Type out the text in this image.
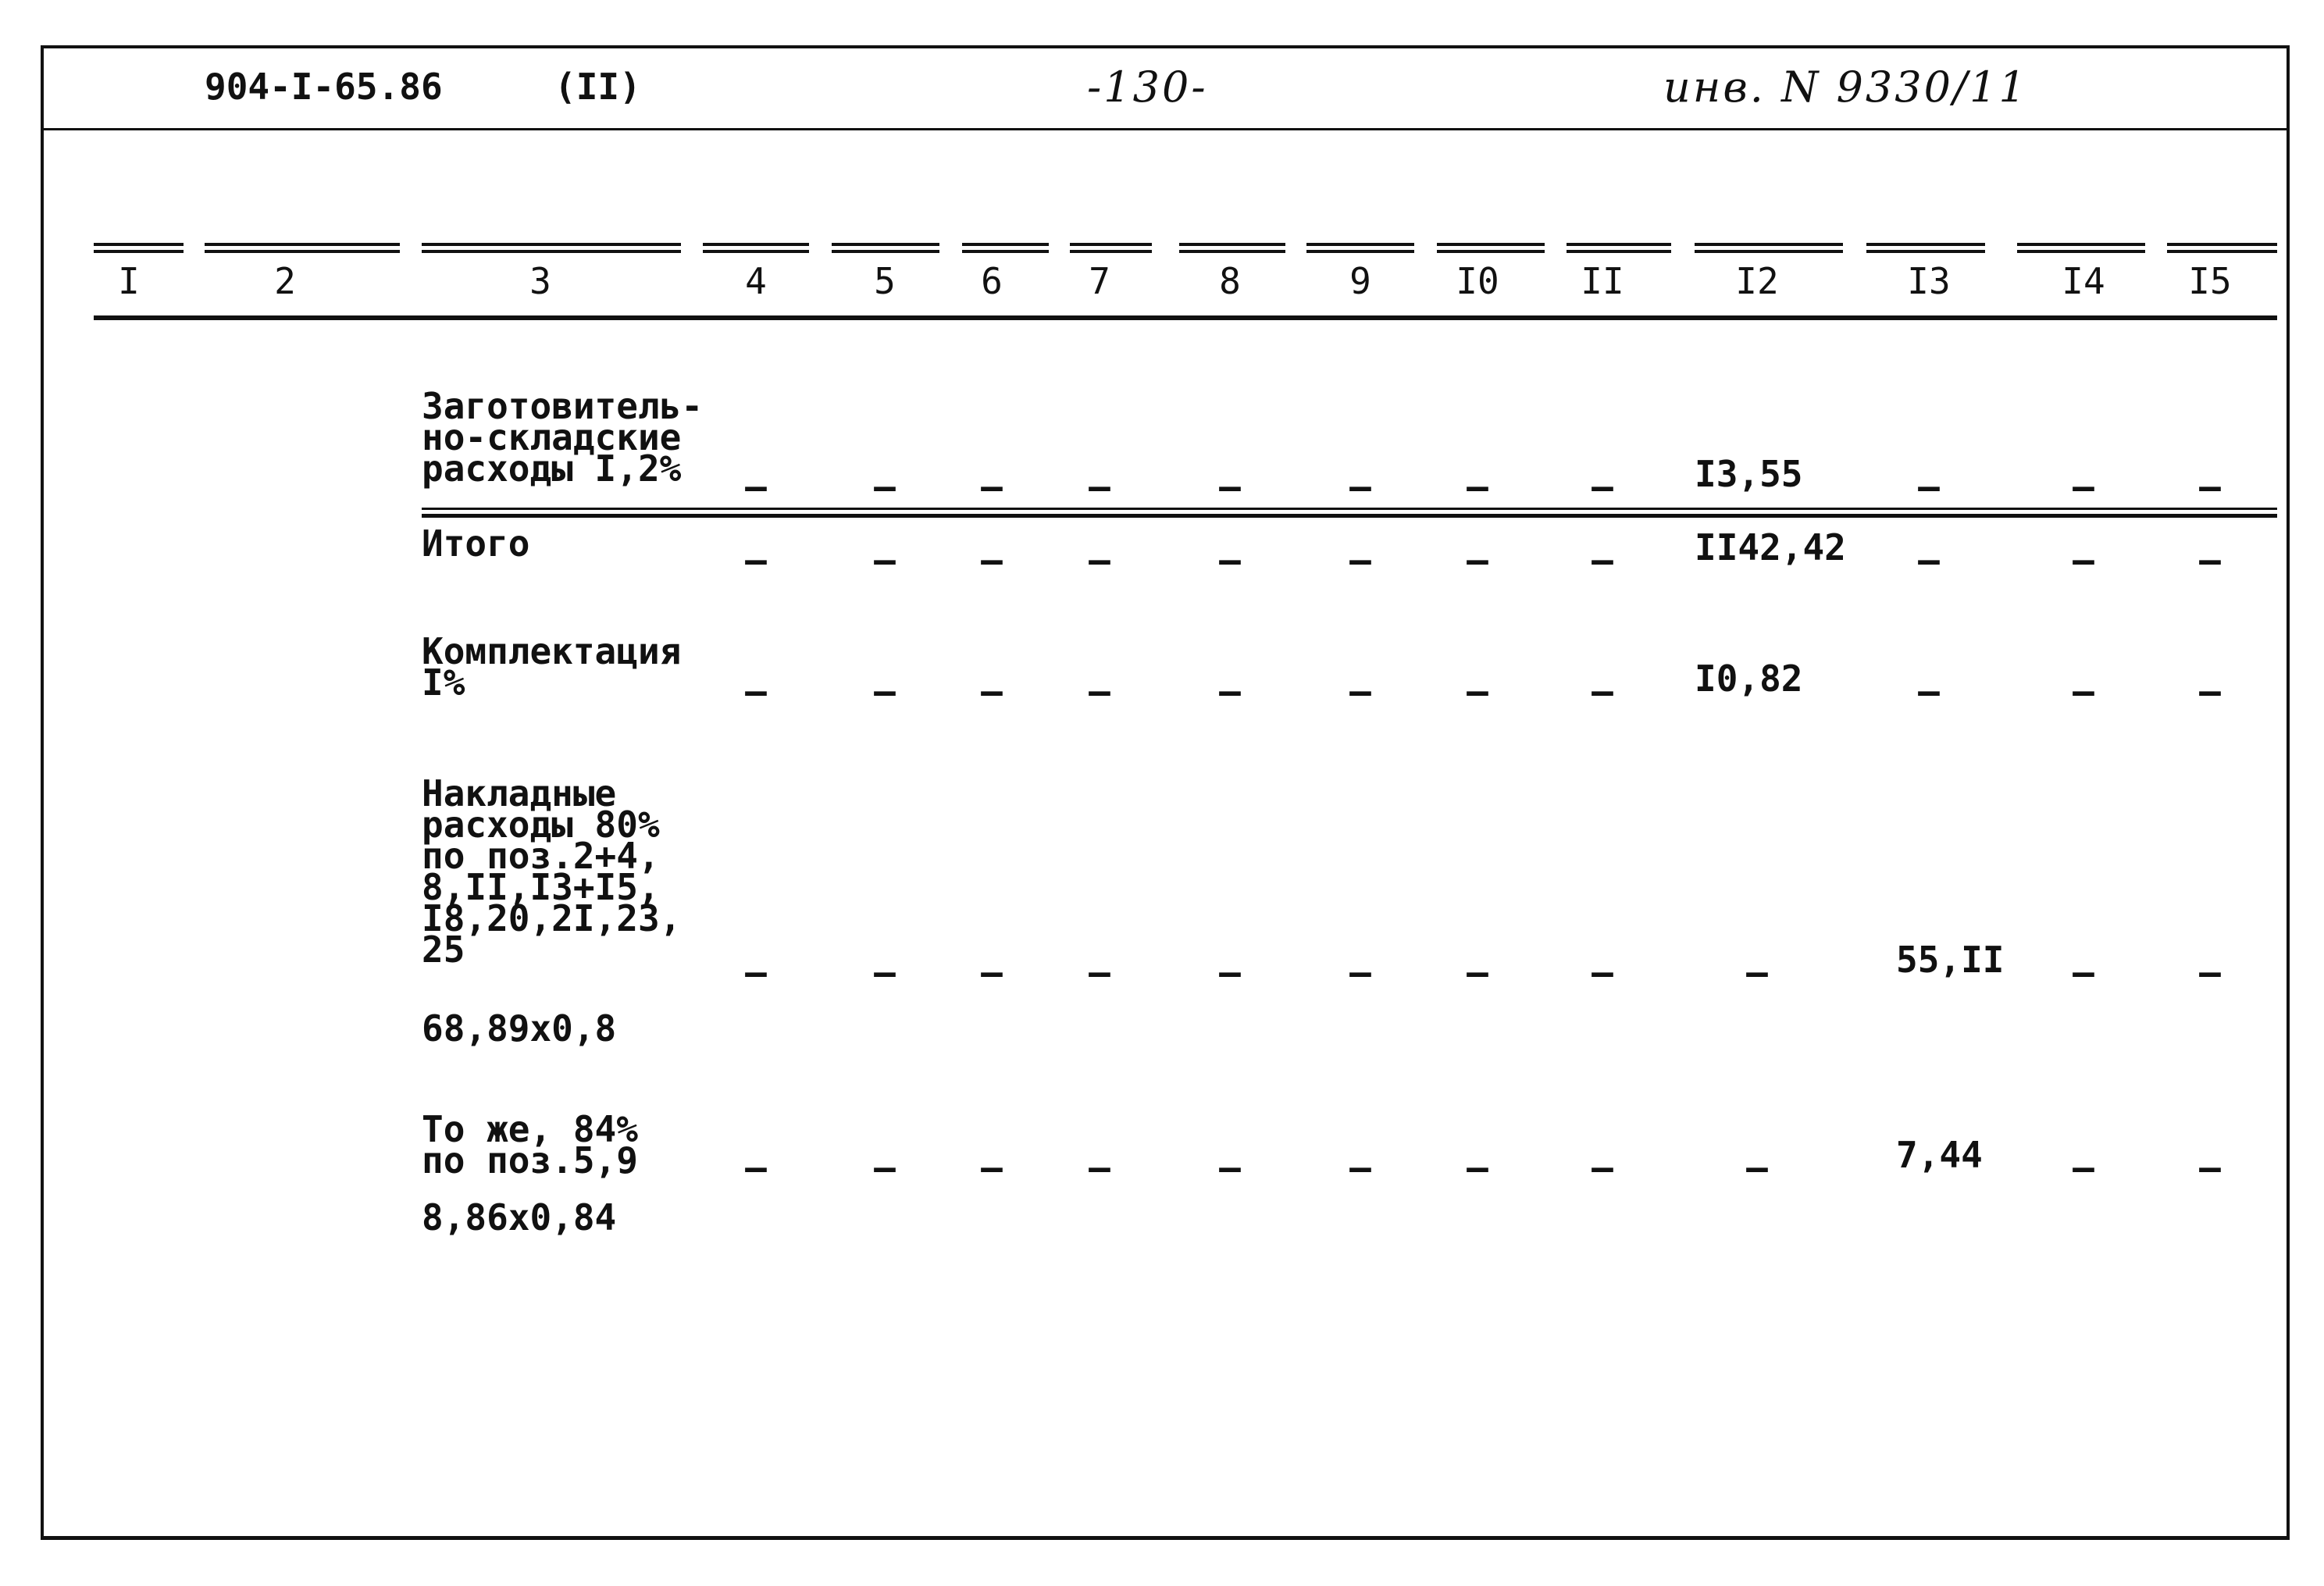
904-I-65.86	(II)	-130-	инв. N 9330/11
I	2	3	4	5	6	7	8	9	I0	II	I2	I3	I4	I5
Заготовитель-
но-складские
расходы I,2%	–	–	–	–	–	–	–	–	I3,55	–	–	–
Итого	–	–	–	–	–	–	–	–	II42,42	–	–	–
Комплектация
I%	–	–	–	–	–	–	–	–	I0,82	–	–	–
Накладные
расходы 80%
по поз.2+4,
8,II,I3+I5,
I8,20,2I,23,
25
–	–	–	–	–	–	–	–	–	55,II	–	–
68,89x0,8
То же, 84%
по поз.5,9	–	–	–	–	–	–	–	–	–	7,44	–	–
8,86x0,84
